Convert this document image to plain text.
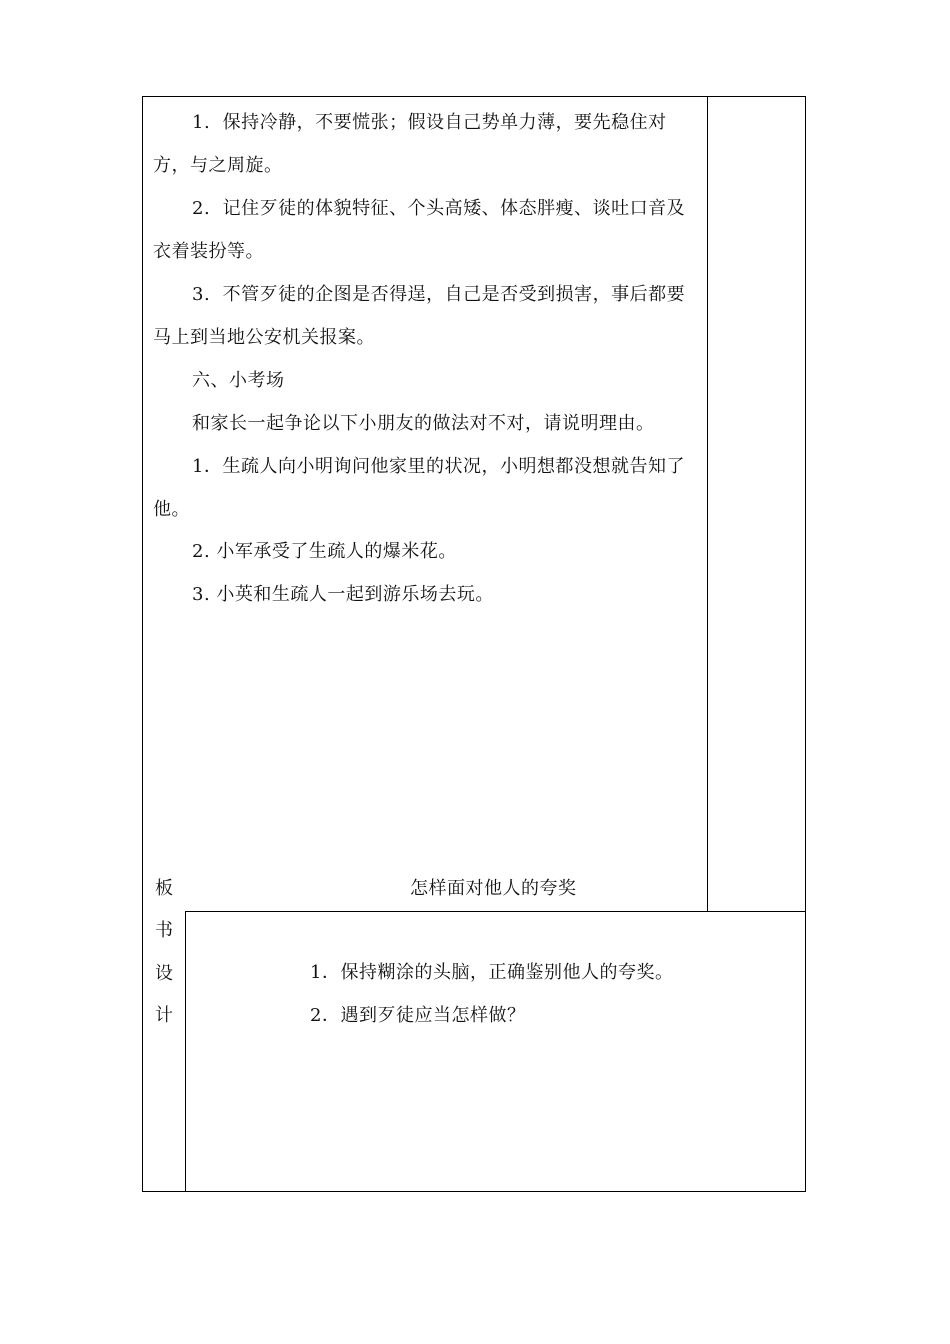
1. 保持冷静，不要慌张；假设自己势单力薄，要先稳住对
方，与之周旋。
2. 记住歹徒的体貌特征、个头高矮、体态胖瘦、谈吐口音及
衣着装扮等。
3. 不管歹徒的企图是否得逞，自己是否受到损害，事后都要
马上到当地公安机关报案。
六、小考场
和家长一起争论以下小朋友的做法对不对，请说明理由。
1．生疏人向小明询问他家里的状况，小明想都没想就告知了
他。
2. 小军承受了生疏人的爆米花。
3. 小英和生疏人一起到游乐场去玩。
板
书
设
计
怎样面对他人的夸奖
1．保持糊涂的头脑，正确鉴别他人的夸奖。
2．遇到歹徒应当怎样做？
